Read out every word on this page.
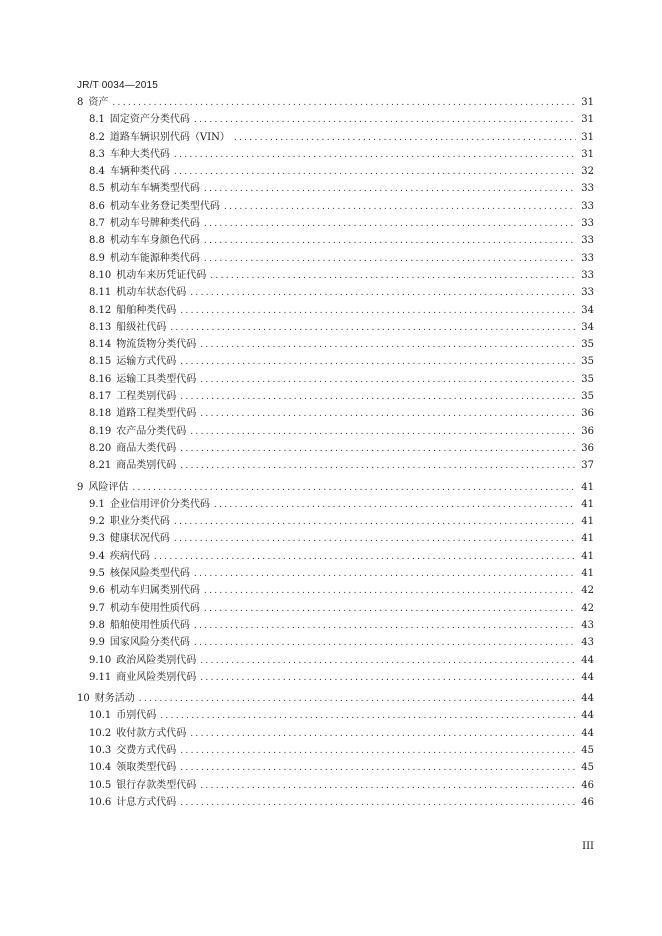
JR/T 0034—2015
8 资产 .....	31
8.1 固定资产分类代码 .....	31
8.2 道路车辆识别代码（VIN） .....	31
8.3 车种大类代码 .....	31
8.4 车辆种类代码 .....	32
8.5 机动车车辆类型代码 .....	33
8.6 机动车业务登记类型代码 .....	33
8.7 机动车号牌种类代码 .....	33
8.8 机动车车身颜色代码 .....	33
8.9 机动车能源种类代码 .....	33
8.10 机动车来历凭证代码 .....	33
8.11 机动车状态代码 .....	33
8.12 船舶种类代码 .....	34
8.13 船级社代码 .....	34
8.14 物流货物分类代码 .....	35
8.15 运输方式代码 .....	35
8.16 运输工具类型代码 .....	35
8.17 工程类别代码 .....	35
8.18 道路工程类型代码 .....	36
8.19 农产品分类代码 .....	36
8.20 商品大类代码 .....	36
8.21 商品类别代码 .....	37
9 风险评估 .....	41
9.1 企业信用评价分类代码 .....	41
9.2 职业分类代码 .....	41
9.3 健康状况代码 .....	41
9.4 疾病代码 .....	41
9.5 核保风险类型代码 .....	41
9.6 机动车归属类别代码 .....	42
9.7 机动车使用性质代码 .....	42
9.8 船舶使用性质代码 .....	43
9.9 国家风险分类代码 .....	43
9.10 政治风险类别代码 .....	44
9.11 商业风险类别代码 .....	44
10 财务活动 .....	44
10.1 币别代码 .....	44
10.2 收付款方式代码 .....	44
10.3 交费方式代码 .....	45
10.4 领取类型代码 .....	45
10.5 银行存款类型代码 .....	46
10.6 计息方式代码 .....	46
III
